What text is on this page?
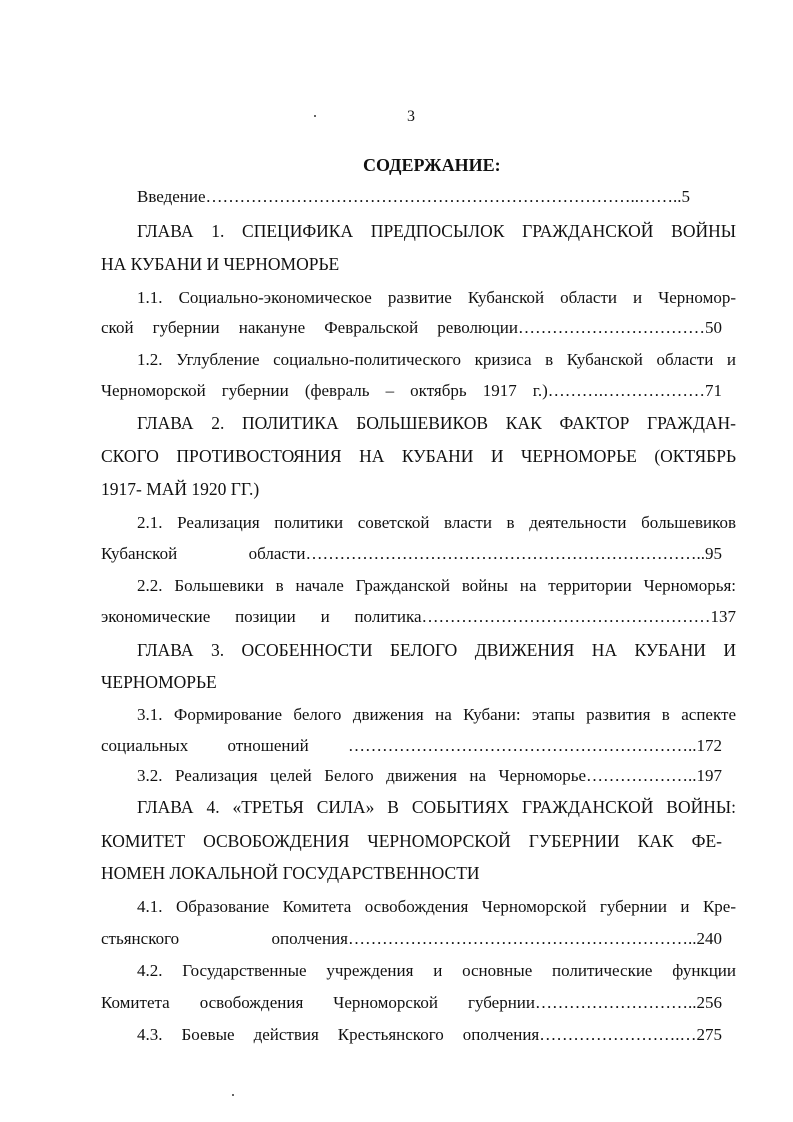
3
СОДЕРЖАНИЕ:
Введение…………………………………………………………………..……..5
ГЛАВА 1. СПЕЦИФИКА ПРЕДПОСЫЛОК ГРАЖДАНСКОЙ ВОЙНЫ
НА КУБАНИ И ЧЕРНОМОРЬЕ
1.1. Социально-экономическое развитие Кубанской области и Черномор-
ской губернии накануне Февральской революции……………………………50
1.2. Углубление социально-политического кризиса в Кубанской области и
Черноморской губернии (февраль – октябрь 1917 г.)……….………………71
ГЛАВА 2. ПОЛИТИКА БОЛЬШЕВИКОВ КАК ФАКТОР ГРАЖДАН-
СКОГО ПРОТИВОСТОЯНИЯ НА КУБАНИ И ЧЕРНОМОРЬЕ (ОКТЯБРЬ
1917- МАЙ 1920 ГГ.)
2.1. Реализация политики советской власти в деятельности большевиков
Кубанской области……………………………………………………………..95
2.2. Большевики в начале Гражданской войны на территории Черноморья:
экономические позиции и политика……………………………………………137
ГЛАВА 3. ОСОБЕННОСТИ БЕЛОГО ДВИЖЕНИЯ НА КУБАНИ И
ЧЕРНОМОРЬЕ
3.1. Формирование белого движения на Кубани: этапы развития в аспекте
социальных отношений ……………………………………………………..172
3.2. Реализация целей Белого движения на Черноморье………………..197
ГЛАВА 4. «ТРЕТЬЯ СИЛА» В СОБЫТИЯХ ГРАЖДАНСКОЙ ВОЙНЫ:
КОМИТЕТ ОСВОБОЖДЕНИЯ ЧЕРНОМОРСКОЙ ГУБЕРНИИ КАК ФЕ-
НОМЕН ЛОКАЛЬНОЙ ГОСУДАРСТВЕННОСТИ
4.1. Образование Комитета освобождения Черноморской губернии и Кре-
стьянского ополчения……………………………………………………..240
4.2. Государственные учреждения и основные политические функции
Комитета освобождения Черноморской губернии………………………..256
4.3. Боевые действия Крестьянского ополчения…………………….…275
